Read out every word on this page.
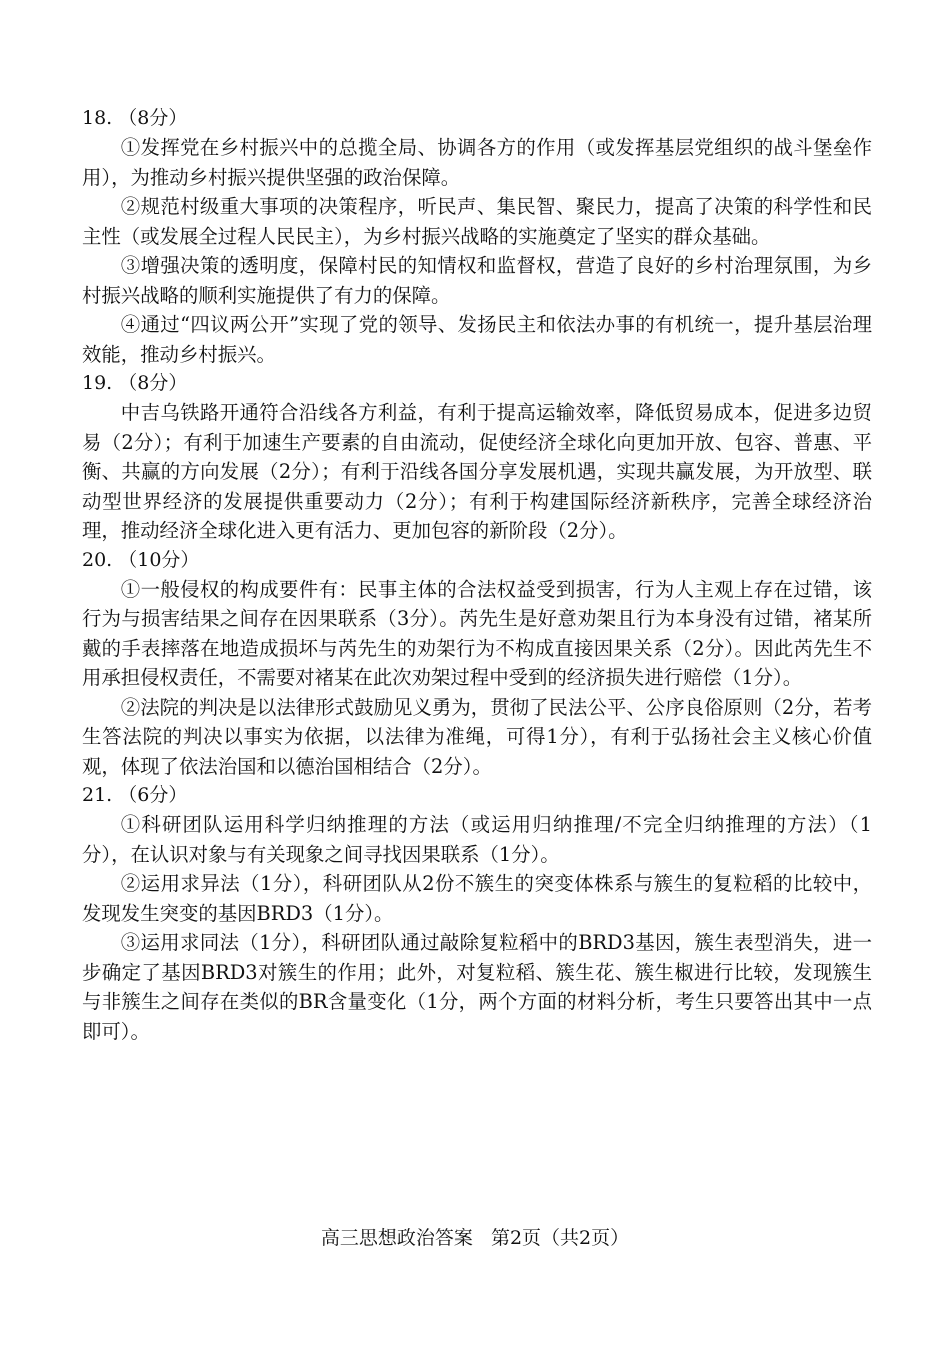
18. （8分）

①发挥党在乡村振兴中的总揽全局、协调各方的作用（或发挥基层党组织的战斗堡垒作用），为推动乡村振兴提供坚强的政治保障。

②规范村级重大事项的决策程序，听民声、集民智、聚民力，提高了决策的科学性和民主性（或发展全过程人民民主），为乡村振兴战略的实施奠定了坚实的群众基础。

③增强决策的透明度，保障村民的知情权和监督权，营造了良好的乡村治理氛围，为乡村振兴战略的顺利实施提供了有力的保障。

④通过“四议两公开”实现了党的领导、发扬民主和依法办事的有机统一，提升基层治理效能，推动乡村振兴。

19. （8分）

中吉乌铁路开通符合沿线各方利益，有利于提高运输效率，降低贸易成本，促进多边贸易（2分）；有利于加速生产要素的自由流动，促使经济全球化向更加开放、包容、普惠、平衡、共赢的方向发展（2分）；有利于沿线各国分享发展机遇，实现共赢发展，为开放型、联动型世界经济的发展提供重要动力（2分）；有利于构建国际经济新秩序，完善全球经济治理，推动经济全球化进入更有活力、更加包容的新阶段（2分）。

20. （10分）

①一般侵权的构成要件有：民事主体的合法权益受到损害，行为人主观上存在过错，该行为与损害结果之间存在因果联系（3分）。芮先生是好意劝架且行为本身没有过错，褚某所戴的手表摔落在地造成损坏与芮先生的劝架行为不构成直接因果关系（2分）。因此芮先生不用承担侵权责任，不需要对褚某在此次劝架过程中受到的经济损失进行赔偿（1分）。

②法院的判决是以法律形式鼓励见义勇为，贯彻了民法公平、公序良俗原则（2分，若考生答法院的判决以事实为依据，以法律为准绳，可得1分），有利于弘扬社会主义核心价值观，体现了依法治国和以德治国相结合（2分）。

21. （6分）

①科研团队运用科学归纳推理的方法（或运用归纳推理/不完全归纳推理的方法）（1分），在认识对象与有关现象之间寻找因果联系（1分）。

②运用求异法（1分），科研团队从2份不簇生的突变体株系与簇生的复粒稻的比较中，发现发生突变的基因BRD3（1分）。

③运用求同法（1分），科研团队通过敲除复粒稻中的BRD3基因，簇生表型消失，进一步确定了基因BRD3对簇生的作用；此外，对复粒稻、簇生花、簇生椒进行比较，发现簇生与非簇生之间存在类似的BR含量变化（1分，两个方面的材料分析，考生只要答出其中一点即可）。

高三思想政治答案 第2页（共2页）
